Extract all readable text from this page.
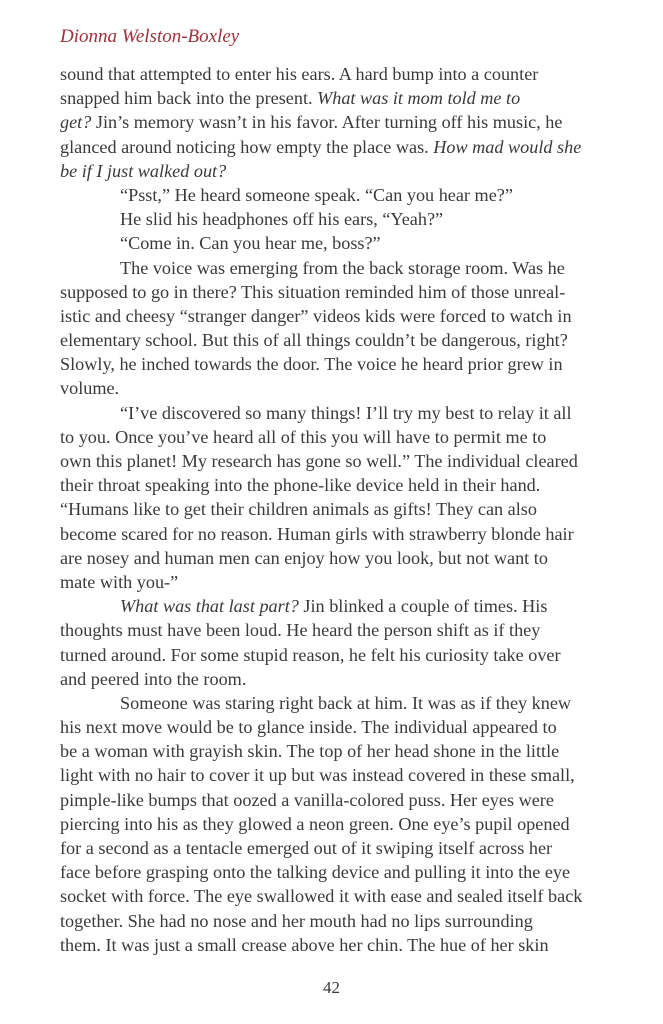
Dionna Welston-Boxley
sound that attempted to enter his ears. A hard bump into a counter
snapped him back into the present. What was it mom told me to
get? Jin’s memory wasn’t in his favor. After turning off his music, he
glanced around noticing how empty the place was. How mad would she
be if I just walked out?
“Psst,” He heard someone speak. “Can you hear me?”
He slid his headphones off his ears, “Yeah?”
“Come in. Can you hear me, boss?”
The voice was emerging from the back storage room. Was he
supposed to go in there? This situation reminded him of those unreal-
istic and cheesy “stranger danger” videos kids were forced to watch in
elementary school. But this of all things couldn’t be dangerous, right?
Slowly, he inched towards the door. The voice he heard prior grew in
volume.
“I’ve discovered so many things! I’ll try my best to relay it all
to you. Once you’ve heard all of this you will have to permit me to
own this planet! My research has gone so well.” The individual cleared
their throat speaking into the phone-like device held in their hand.
“Humans like to get their children animals as gifts! They can also
become scared for no reason. Human girls with strawberry blonde hair
are nosey and human men can enjoy how you look, but not want to
mate with you-”
What was that last part? Jin blinked a couple of times. His
thoughts must have been loud. He heard the person shift as if they
turned around. For some stupid reason, he felt his curiosity take over
and peered into the room.
Someone was staring right back at him. It was as if they knew
his next move would be to glance inside. The individual appeared to
be a woman with grayish skin. The top of her head shone in the little
light with no hair to cover it up but was instead covered in these small,
pimple-like bumps that oozed a vanilla-colored puss. Her eyes were
piercing into his as they glowed a neon green. One eye’s pupil opened
for a second as a tentacle emerged out of it swiping itself across her
face before grasping onto the talking device and pulling it into the eye
socket with force. The eye swallowed it with ease and sealed itself back
together. She had no nose and her mouth had no lips surrounding
them. It was just a small crease above her chin. The hue of her skin
42
